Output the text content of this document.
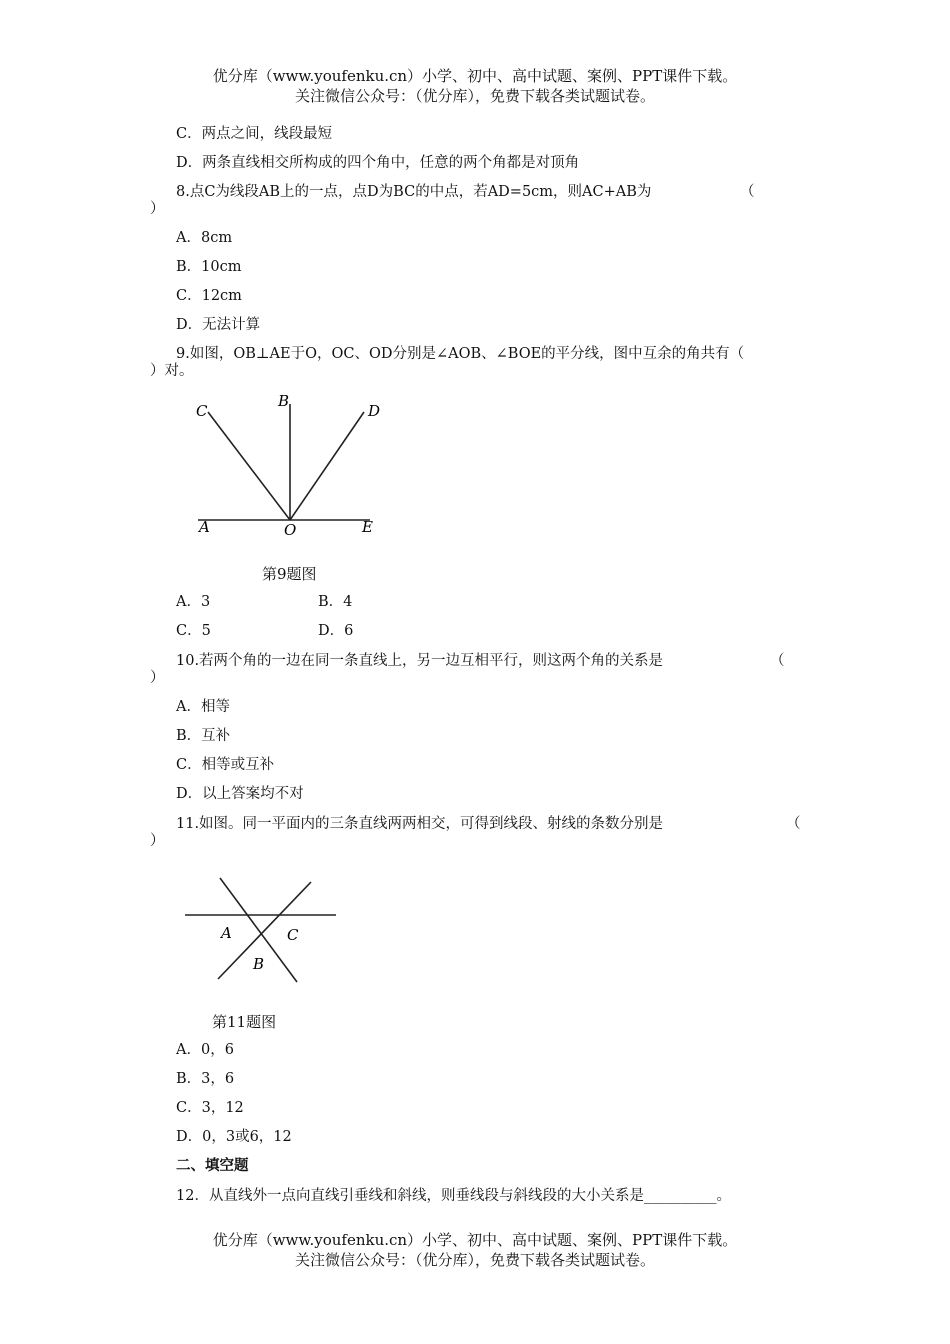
优分库（www.youfenku.cn）小学、初中、高中试题、案例、PPT课件下载。
关注微信公众号：（优分库），免费下载各类试题试卷。
C．两点之间，线段最短
D．两条直线相交所构成的四个角中，任意的两个角都是对顶角
8.点C为线段AB上的一点，点D为BC的中点，若AD=5cm，则AC+AB为	（
）
A．8cm
B．10cm
C．12cm
D．无法计算
9.如图，OB⊥AE于O，OC、OD分别是∠AOB、∠BOE的平分线，图中互余的角共有（
）对。
C
B
D
A	O	E
第9题图
A．3	B．4
C．5	D．6
10.若两个角的一边在同一条直线上，另一边互相平行，则这两个角的关系是	（
）
A．相等
B．互补
C．相等或互补
D．以上答案均不对
11.如图。同一平面内的三条直线两两相交，可得到线段、射线的条数分别是	（
）
A	C
B
第11题图
A．0，6
B．3，6
C．3，12
D．0，3或6，12
二、填空题
12．从直线外一点向直线引垂线和斜线，则垂线段与斜线段的大小关系是__________。
优分库（www.youfenku.cn）小学、初中、高中试题、案例、PPT课件下载。
关注微信公众号：（优分库），免费下载各类试题试卷。
